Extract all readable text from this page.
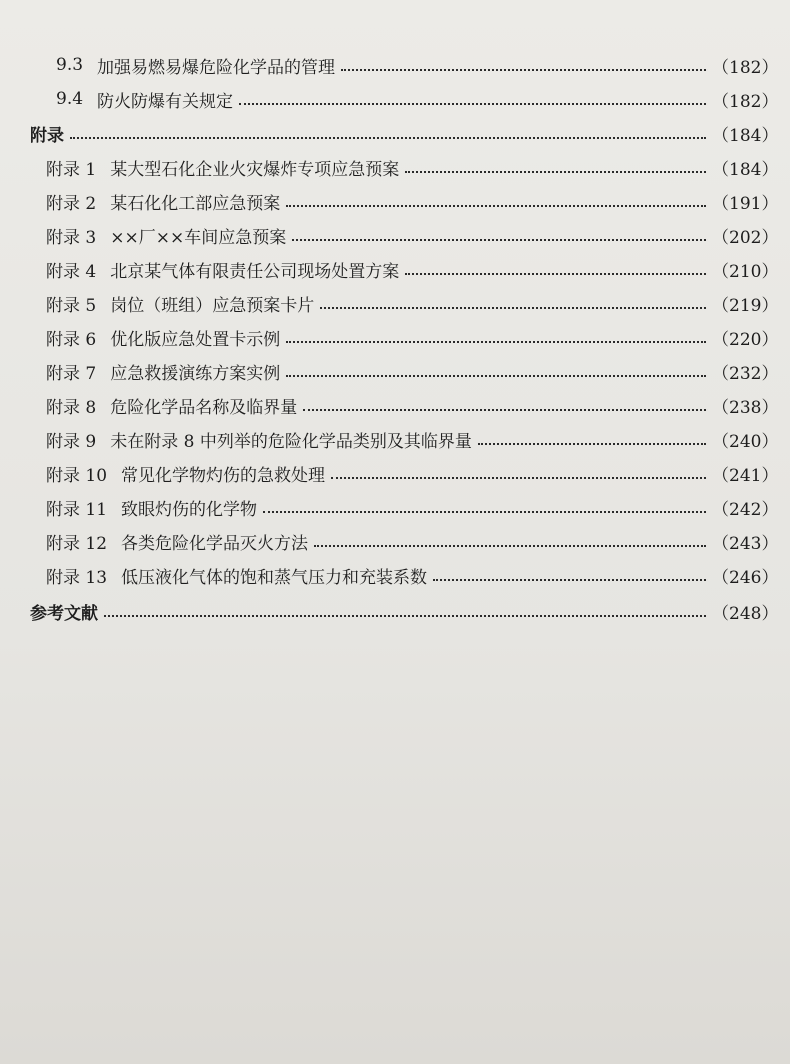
9.3 加强易燃易爆危险化学品的管理	（182）
9.4 防火防爆有关规定	（182）
附录	（184）
附录 1 某大型石化企业火灾爆炸专项应急预案	（184）
附录 2 某石化化工部应急预案	（191）
附录 3 ××厂××车间应急预案	（202）
附录 4 北京某气体有限责任公司现场处置方案	（210）
附录 5 岗位（班组）应急预案卡片	（219）
附录 6 优化版应急处置卡示例	（220）
附录 7 应急救援演练方案实例	（232）
附录 8 危险化学品名称及临界量	（238）
附录 9 未在附录 8 中列举的危险化学品类别及其临界量	（240）
附录 10 常见化学物灼伤的急救处理	（241）
附录 11 致眼灼伤的化学物	（242）
附录 12 各类危险化学品灭火方法	（243）
附录 13 低压液化气体的饱和蒸气压力和充装系数	（246）
参考文献	（248）
